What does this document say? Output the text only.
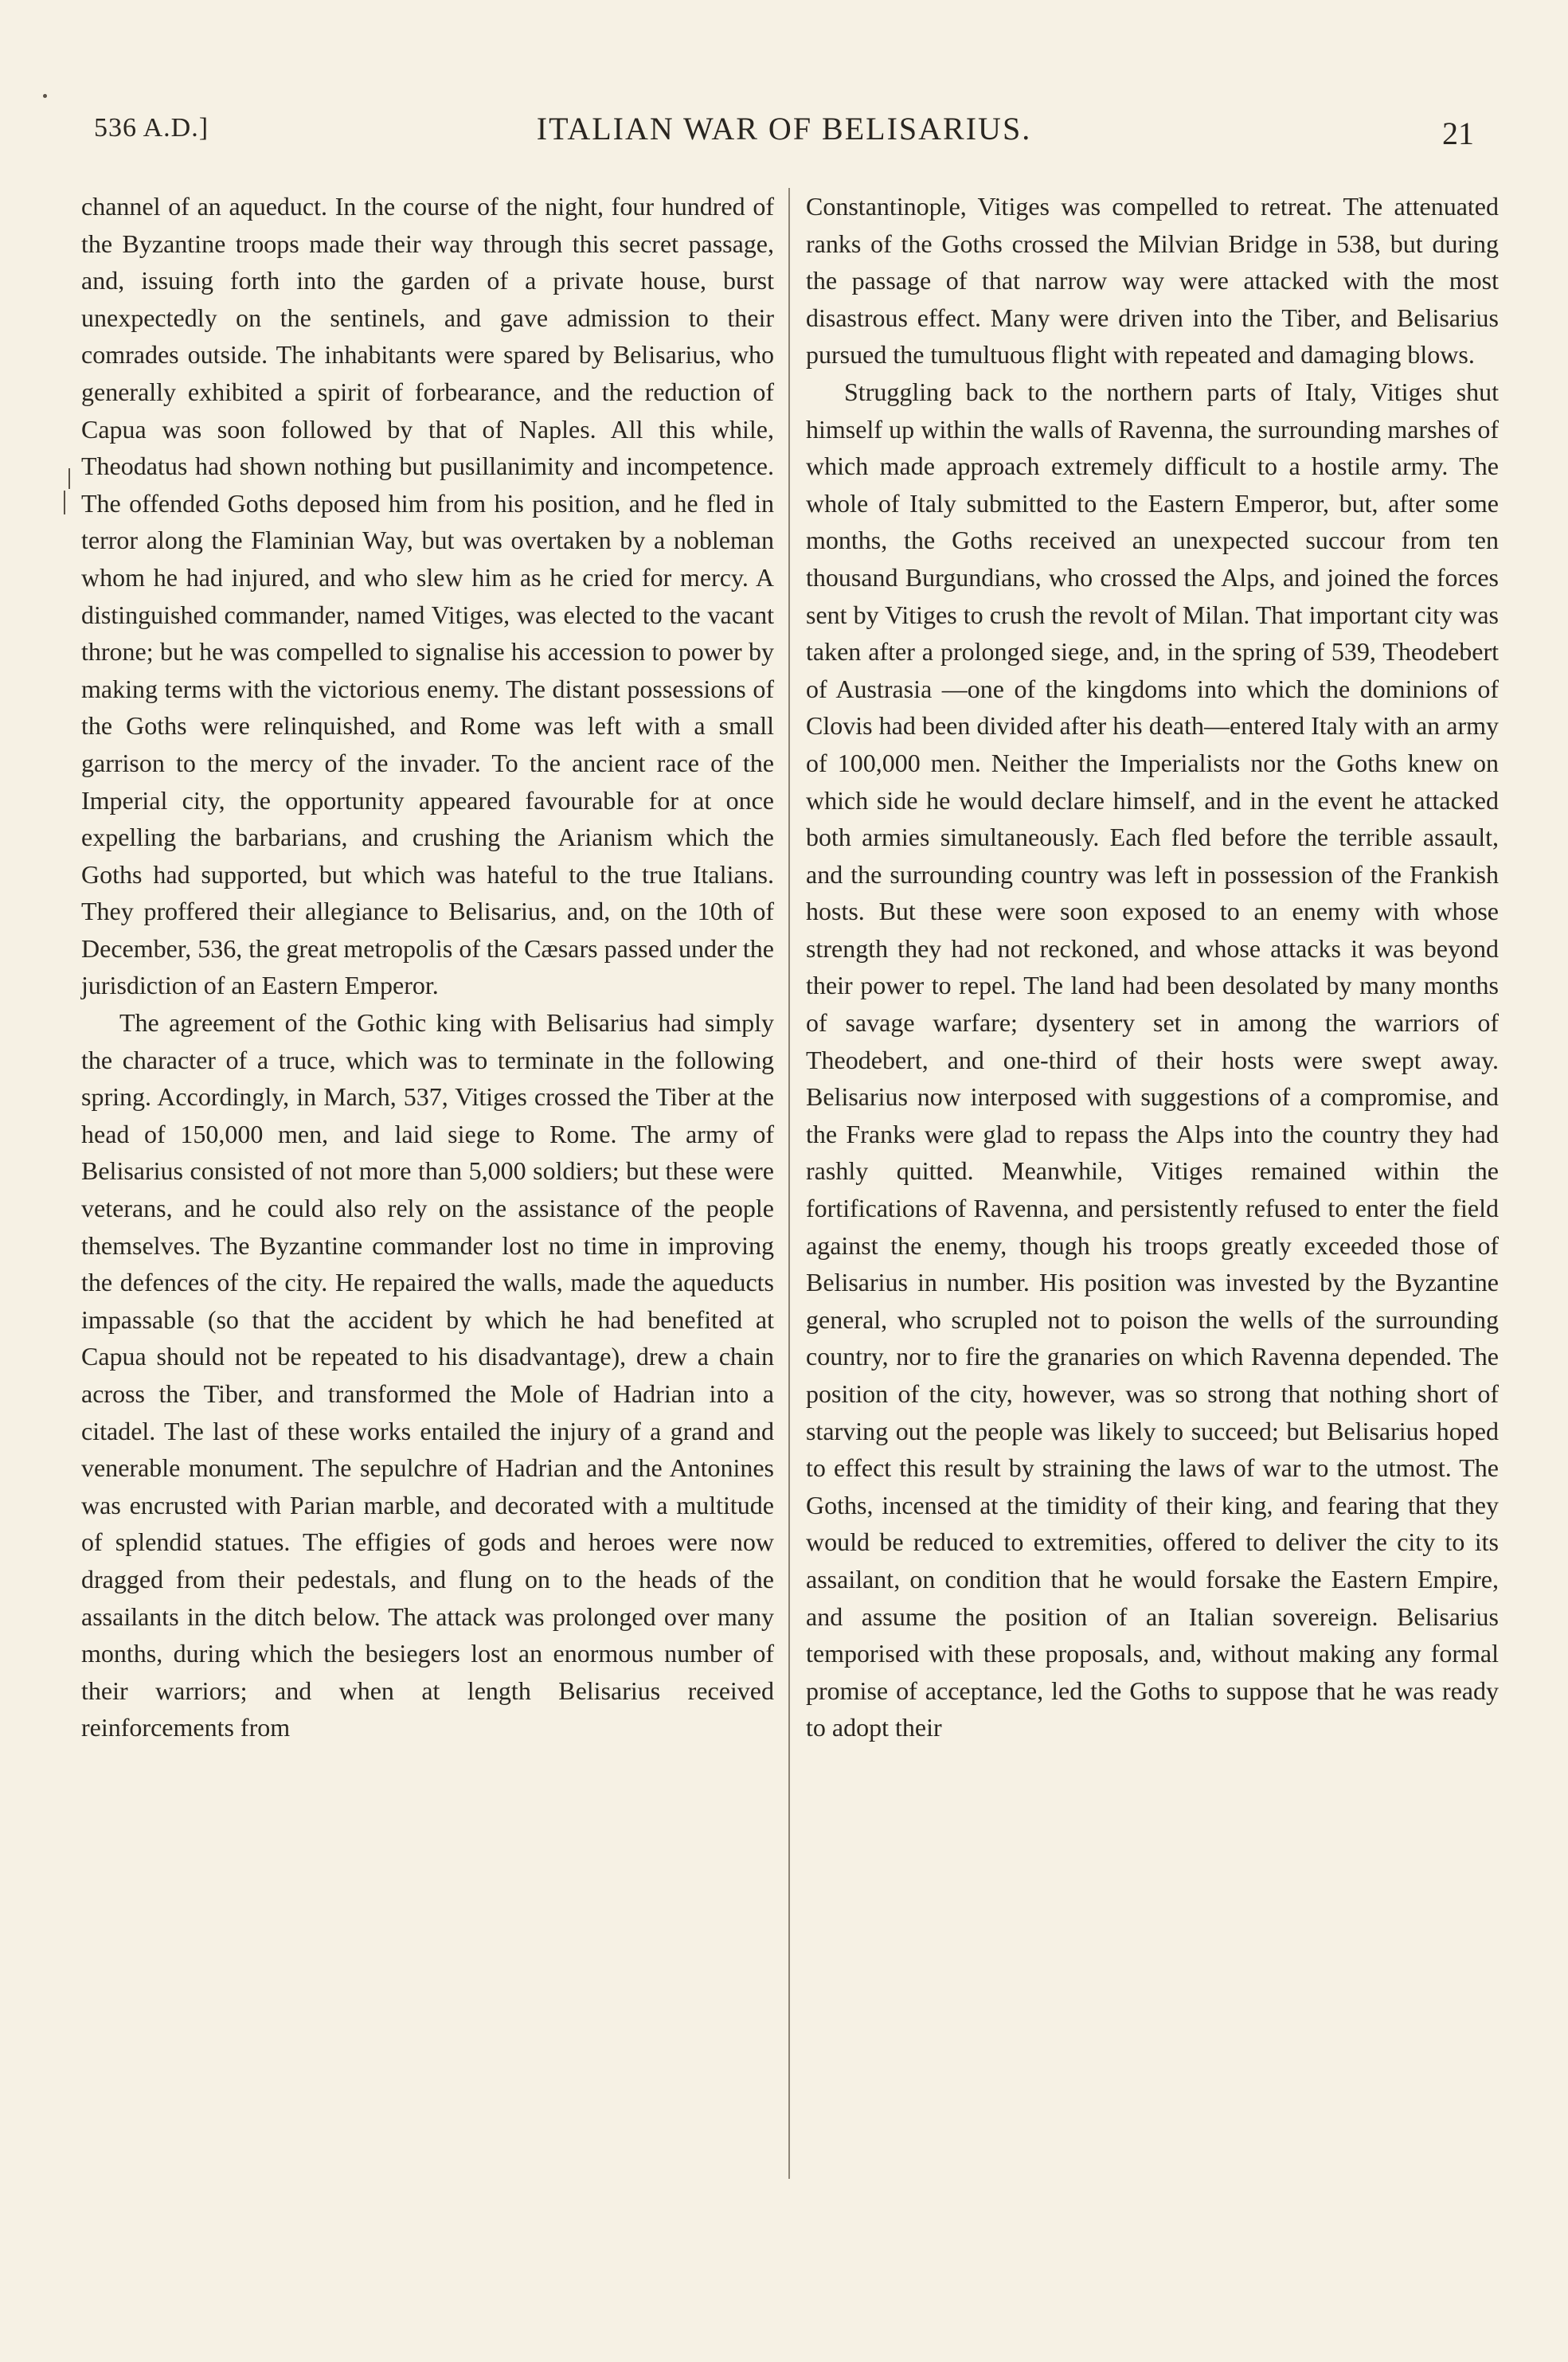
536 A.D.]	ITALIAN WAR OF BELISARIUS.	21

channel of an aqueduct. In the course of the night, four hundred of the Byzantine troops made their way through this secret passage, and, issuing forth into the garden of a private house, burst unexpectedly on the sentinels, and gave admission to their comrades outside. The inhabitants were spared by Belisarius, who generally exhibited a spirit of forbearance, and the reduction of Capua was soon followed by that of Naples. All this while, Theodatus had shown nothing but pusillanimity and incompetence. The offended Goths deposed him from his position, and he fled in terror along the Flaminian Way, but was overtaken by a nobleman whom he had injured, and who slew him as he cried for mercy. A distinguished commander, named Vitiges, was elected to the vacant throne; but he was compelled to signalise his accession to power by making terms with the victorious enemy. The distant possessions of the Goths were relinquished, and Rome was left with a small garrison to the mercy of the invader. To the ancient race of the Imperial city, the opportunity appeared favourable for at once expelling the barbarians, and crushing the Arianism which the Goths had supported, but which was hateful to the true Italians. They proffered their allegiance to Belisarius, and, on the 10th of December, 536, the great metropolis of the Cæsars passed under the jurisdiction of an Eastern Emperor.

The agreement of the Gothic king with Belisarius had simply the character of a truce, which was to terminate in the following spring. Accordingly, in March, 537, Vitiges crossed the Tiber at the head of 150,000 men, and laid siege to Rome. The army of Belisarius consisted of not more than 5,000 soldiers; but these were veterans, and he could also rely on the assistance of the people themselves. The Byzantine commander lost no time in improving the defences of the city. He repaired the walls, made the aqueducts impassable (so that the accident by which he had benefited at Capua should not be repeated to his disadvantage), drew a chain across the Tiber, and transformed the Mole of Hadrian into a citadel. The last of these works entailed the injury of a grand and venerable monument. The sepulchre of Hadrian and the Antonines was encrusted with Parian marble, and decorated with a multitude of splendid statues. The effigies of gods and heroes were now dragged from their pedestals, and flung on to the heads of the assailants in the ditch below. The attack was prolonged over many months, during which the besiegers lost an enormous number of their warriors; and when at length Belisarius received reinforcements from

Constantinople, Vitiges was compelled to retreat. The attenuated ranks of the Goths crossed the Milvian Bridge in 538, but during the passage of that narrow way were attacked with the most disastrous effect. Many were driven into the Tiber, and Belisarius pursued the tumultuous flight with repeated and damaging blows.

Struggling back to the northern parts of Italy, Vitiges shut himself up within the walls of Ravenna, the surrounding marshes of which made approach extremely difficult to a hostile army. The whole of Italy submitted to the Eastern Emperor, but, after some months, the Goths received an unexpected succour from ten thousand Burgundians, who crossed the Alps, and joined the forces sent by Vitiges to crush the revolt of Milan. That important city was taken after a prolonged siege, and, in the spring of 539, Theodebert of Austrasia —one of the kingdoms into which the dominions of Clovis had been divided after his death—entered Italy with an army of 100,000 men. Neither the Imperialists nor the Goths knew on which side he would declare himself, and in the event he attacked both armies simultaneously. Each fled before the terrible assault, and the surrounding country was left in possession of the Frankish hosts. But these were soon exposed to an enemy with whose strength they had not reckoned, and whose attacks it was beyond their power to repel. The land had been desolated by many months of savage warfare; dysentery set in among the warriors of Theodebert, and one-third of their hosts were swept away. Belisarius now interposed with suggestions of a compromise, and the Franks were glad to repass the Alps into the country they had rashly quitted. Meanwhile, Vitiges remained within the fortifications of Ravenna, and persistently refused to enter the field against the enemy, though his troops greatly exceeded those of Belisarius in number. His position was invested by the Byzantine general, who scrupled not to poison the wells of the surrounding country, nor to fire the granaries on which Ravenna depended. The position of the city, however, was so strong that nothing short of starving out the people was likely to succeed; but Belisarius hoped to effect this result by straining the laws of war to the utmost. The Goths, incensed at the timidity of their king, and fearing that they would be reduced to extremities, offered to deliver the city to its assailant, on condition that he would forsake the Eastern Empire, and assume the position of an Italian sovereign. Belisarius temporised with these proposals, and, without making any formal promise of acceptance, led the Goths to suppose that he was ready to adopt their
